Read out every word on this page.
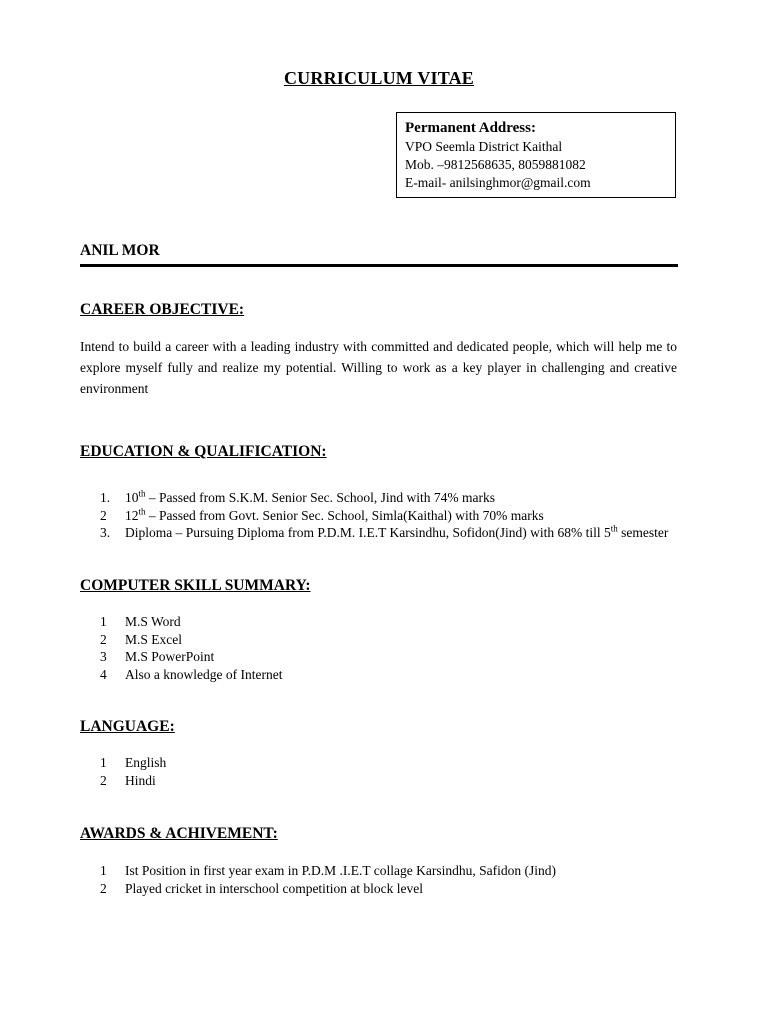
CURRICULUM VITAE
Permanent Address:
VPO Seemla District Kaithal
Mob. –9812568635, 8059881082
E-mail- anilsinghmor@gmail.com
ANIL MOR
CAREER OBJECTIVE:
Intend to build a career with a leading industry with committed and dedicated people, which will help me to explore myself fully and realize my potential. Willing to work as a key player in challenging and creative environment
EDUCATION & QUALIFICATION:
1. 10th – Passed from S.K.M. Senior Sec. School, Jind with 74% marks
2 12th – Passed from Govt. Senior Sec. School, Simla(Kaithal) with 70% marks
3. Diploma – Pursuing Diploma from P.D.M. I.E.T Karsindhu, Sofidon(Jind) with 68% till 5th semester
COMPUTER SKILL SUMMARY:
1 M.S Word
2 M.S Excel
3 M.S PowerPoint
4 Also a knowledge of Internet
LANGUAGE:
1 English
2 Hindi
AWARDS & ACHIVEMENT:
1 Ist Position in first year exam in P.D.M .I.E.T collage Karsindhu, Safidon (Jind)
2 Played cricket in interschool competition at block level
